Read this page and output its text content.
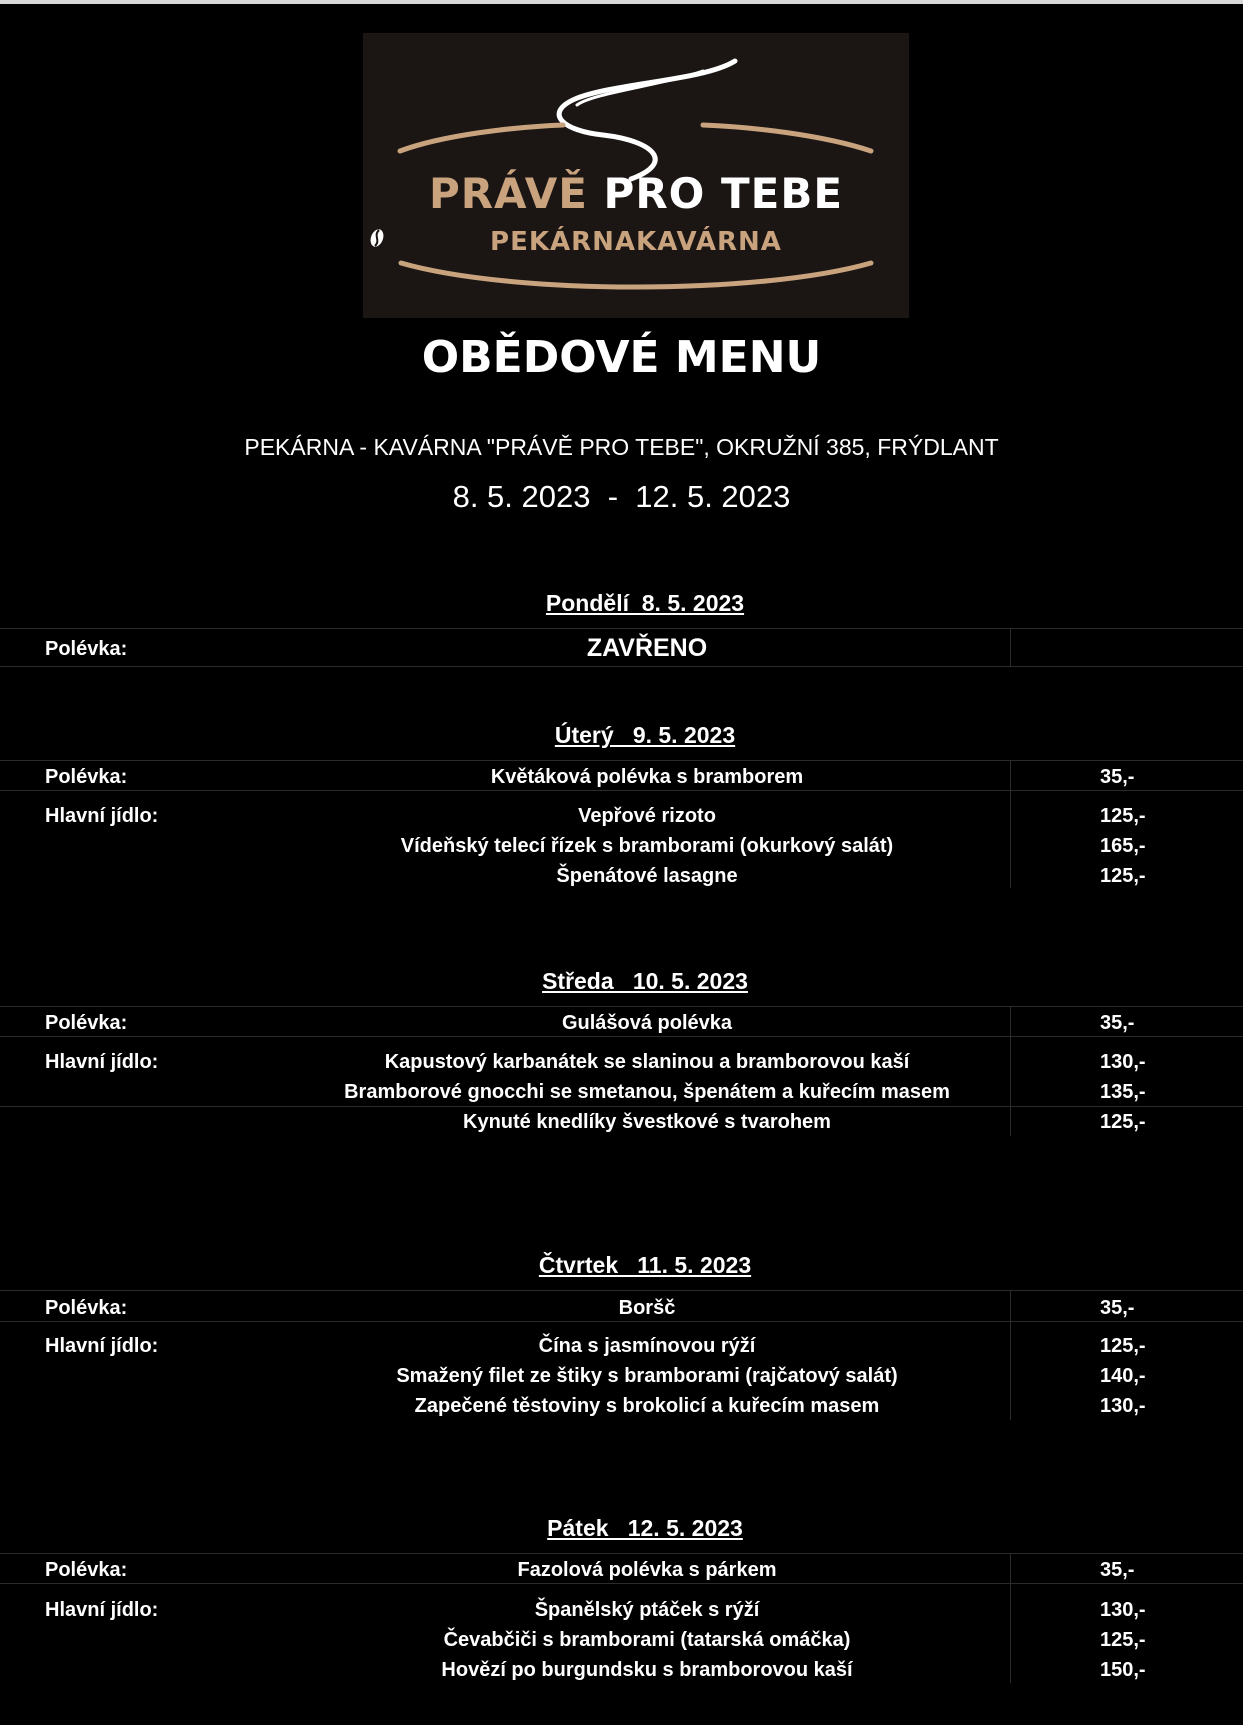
PRÁVĚ PRO TEBE
PEKÁRNA
KAVÁRNA
OBĚDOVÉ MENU
PEKÁRNA - KAVÁRNA "PRÁVĚ PRO TEBE", OKRUŽNÍ 385, FRÝDLANT
8. 5. 2023  -  12. 5. 2023
Pondělí  8. 5. 2023
Polévka:	ZAVŘENO
Úterý   9. 5. 2023
Polévka:	Květáková polévka s bramborem	35,-
Hlavní jídlo:	Vepřové rizoto	125,-
Vídeňský telecí řízek s bramborami (okurkový salát)	165,-
Špenátové lasagne	125,-
Středa   10. 5. 2023
Polévka:	Gulášová polévka	35,-
Hlavní jídlo:	Kapustový karbanátek se slaninou a bramborovou kaší	130,-
Bramborové gnocchi se smetanou, špenátem a kuřecím masem	135,-
Kynuté knedlíky švestkové s tvarohem	125,-
Čtvrtek   11. 5. 2023
Polévka:	Boršč	35,-
Hlavní jídlo:	Čína s jasmínovou rýží	125,-
Smažený filet ze štiky s bramborami (rajčatový salát)	140,-
Zapečené těstoviny s brokolicí a kuřecím masem	130,-
Pátek   12. 5. 2023
Polévka:	Fazolová polévka s párkem	35,-
Hlavní jídlo:	Španělský ptáček s rýží	130,-
Čevabčiči s bramborami (tatarská omáčka)	125,-
Hovězí po burgundsku s bramborovou kaší	150,-
